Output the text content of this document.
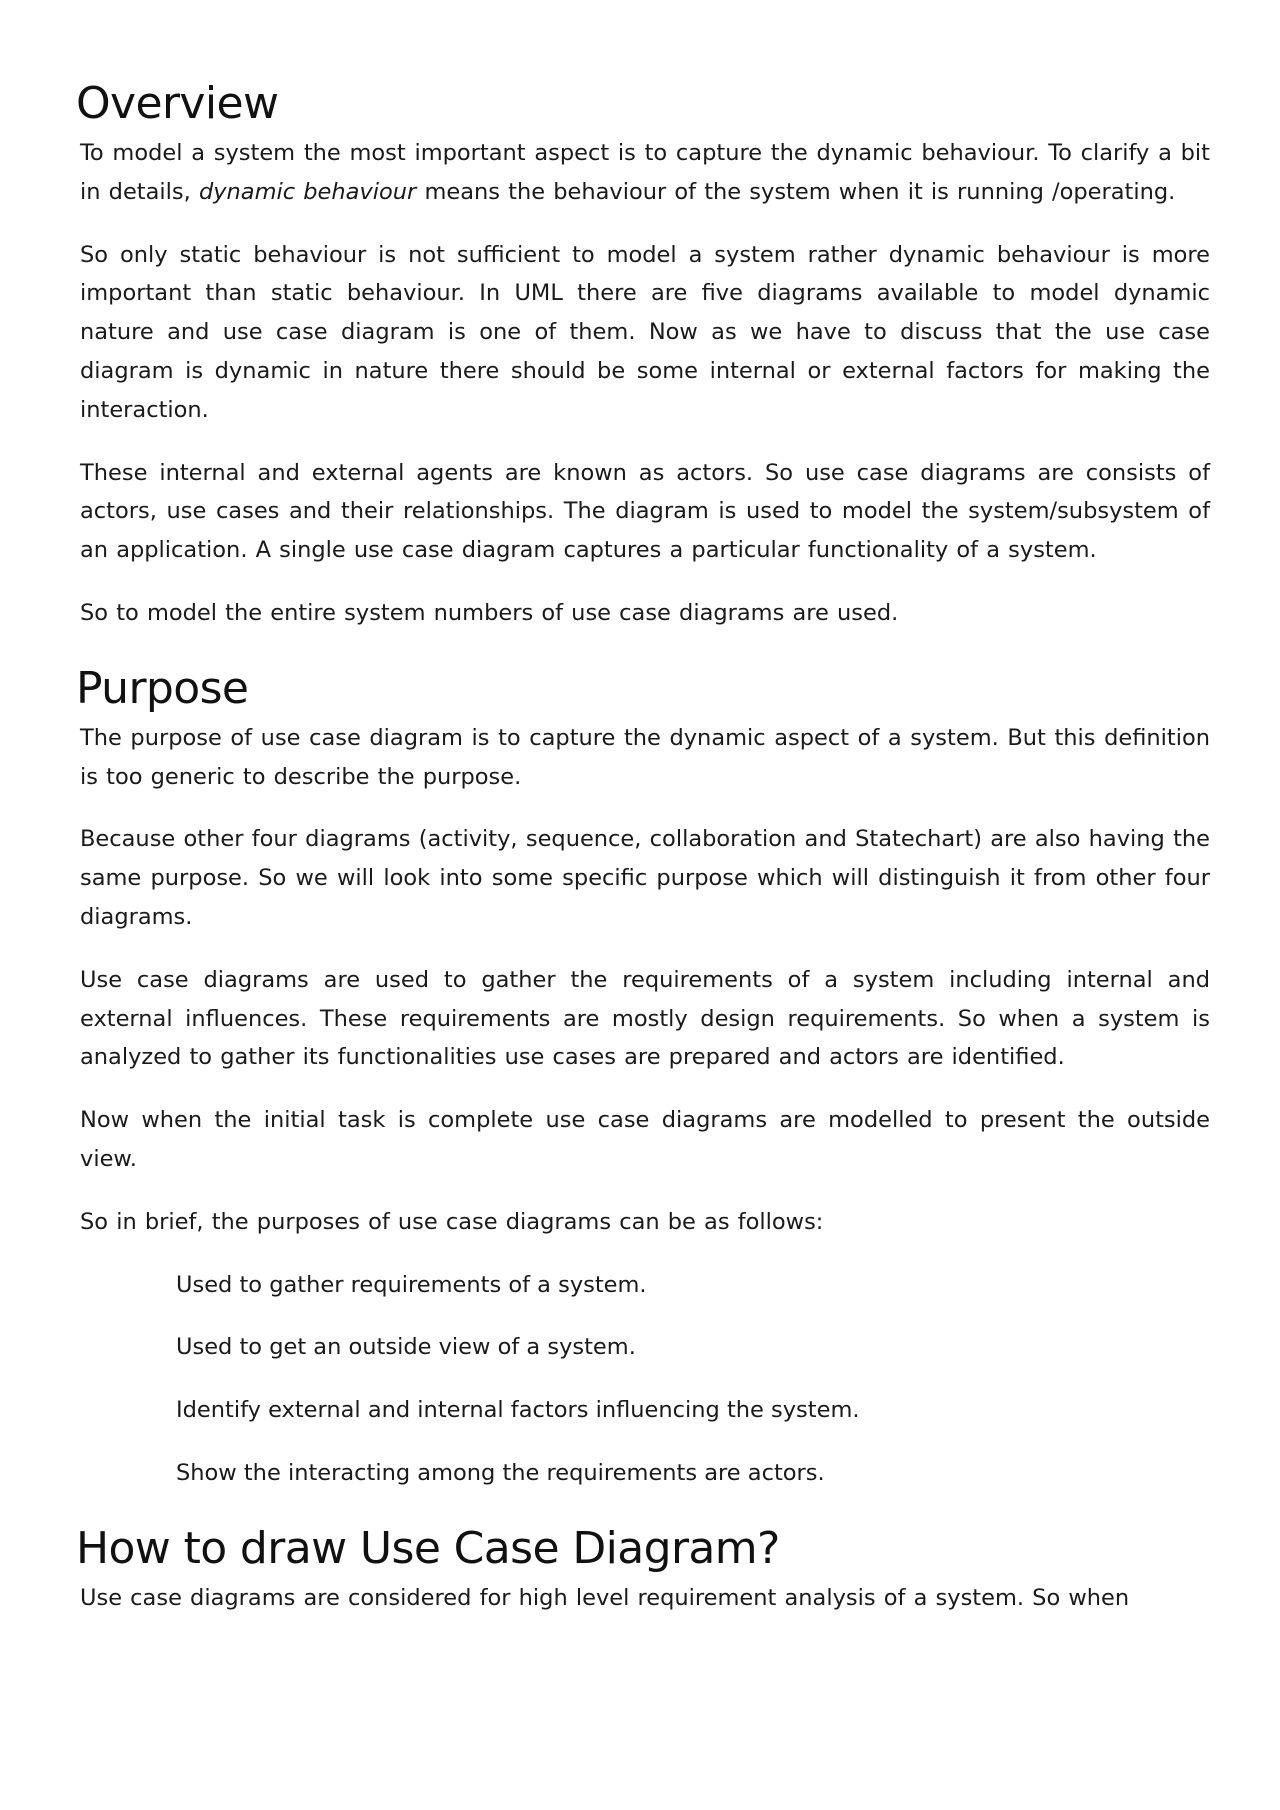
Overview

To model a system the most important aspect is to capture the dynamic behaviour. To clarify a bit in details, dynamic behaviour means the behaviour of the system when it is running /operating.

So only static behaviour is not sufficient to model a system rather dynamic behaviour is more important than static behaviour. In UML there are five diagrams available to model dynamic nature and use case diagram is one of them. Now as we have to discuss that the use case diagram is dynamic in nature there should be some internal or external factors for making the interaction.

These internal and external agents are known as actors. So use case diagrams are consists of actors, use cases and their relationships. The diagram is used to model the system/subsystem of an application. A single use case diagram captures a particular functionality of a system.

So to model the entire system numbers of use case diagrams are used.

Purpose

The purpose of use case diagram is to capture the dynamic aspect of a system. But this definition is too generic to describe the purpose.

Because other four diagrams (activity, sequence, collaboration and Statechart) are also having the same purpose. So we will look into some specific purpose which will distinguish it from other four diagrams.

Use case diagrams are used to gather the requirements of a system including internal and external influences. These requirements are mostly design requirements. So when a system is analyzed to gather its functionalities use cases are prepared and actors are identified.

Now when the initial task is complete use case diagrams are modelled to present the outside view.

So in brief, the purposes of use case diagrams can be as follows:

Used to gather requirements of a system.
Used to get an outside view of a system.
Identify external and internal factors influencing the system.
Show the interacting among the requirements are actors.
How to draw Use Case Diagram?

Use case diagrams are considered for high level requirement analysis of a system. So when
